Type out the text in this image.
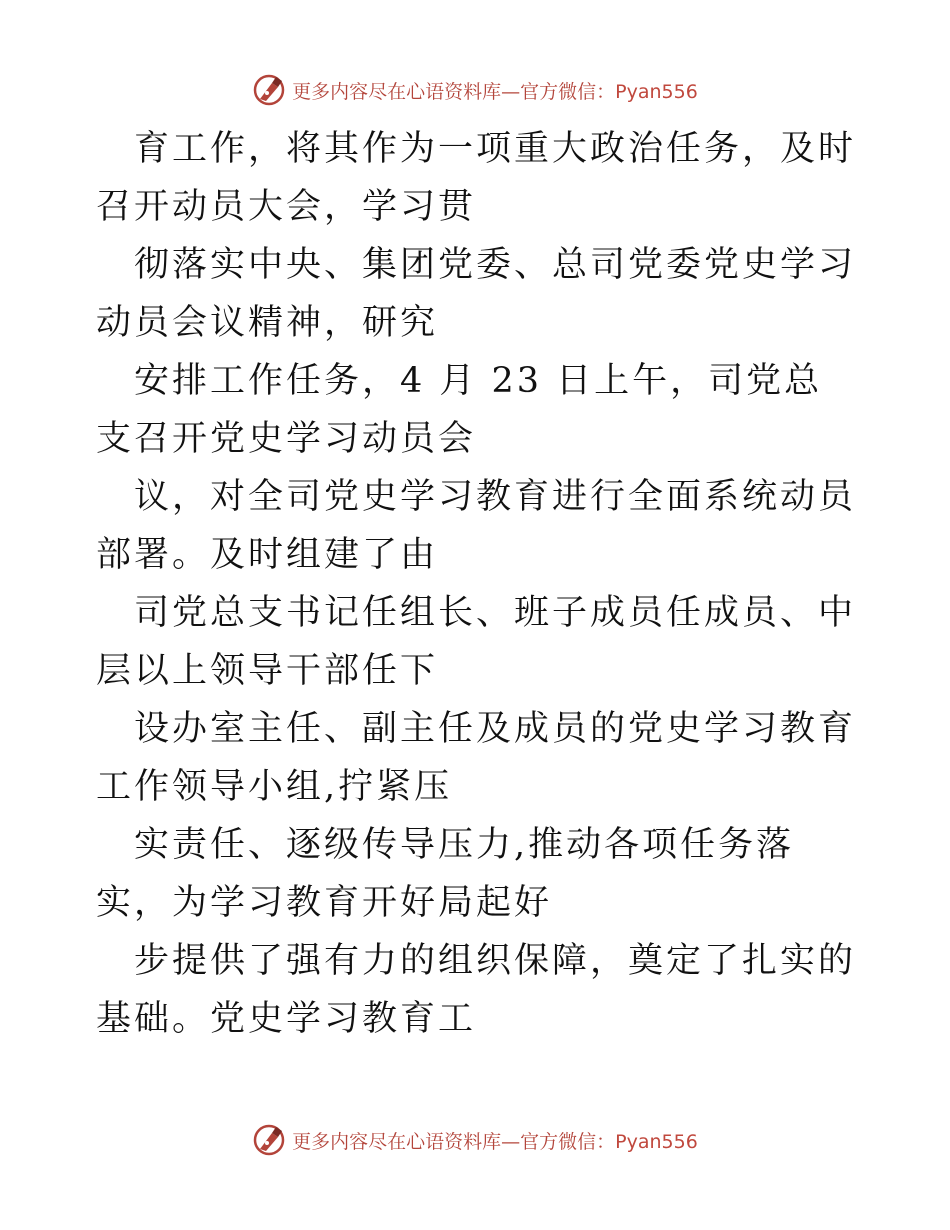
更多内容尽在心语资料库—官方微信：Pyan556

育工作，将其作为一项重大政治任务，及时召开动员大会，学习贯

彻落实中央、集团党委、总司党委党史学习动员会议精神，研究

安排工作任务，4 月 23 日上午，司党总支召开党史学习动员会

议，对全司党史学习教育进行全面系统动员部署。及时组建了由

司党总支书记任组长、班子成员任成员、中层以上领导干部任下

设办室主任、副主任及成员的党史学习教育工作领导小组,拧紧压

实责任、逐级传导压力,推动各项任务落实，为学习教育开好局起好

步提供了强有力的组织保障，奠定了扎实的基础。党史学习教育工

更多内容尽在心语资料库—官方微信：Pyan556
